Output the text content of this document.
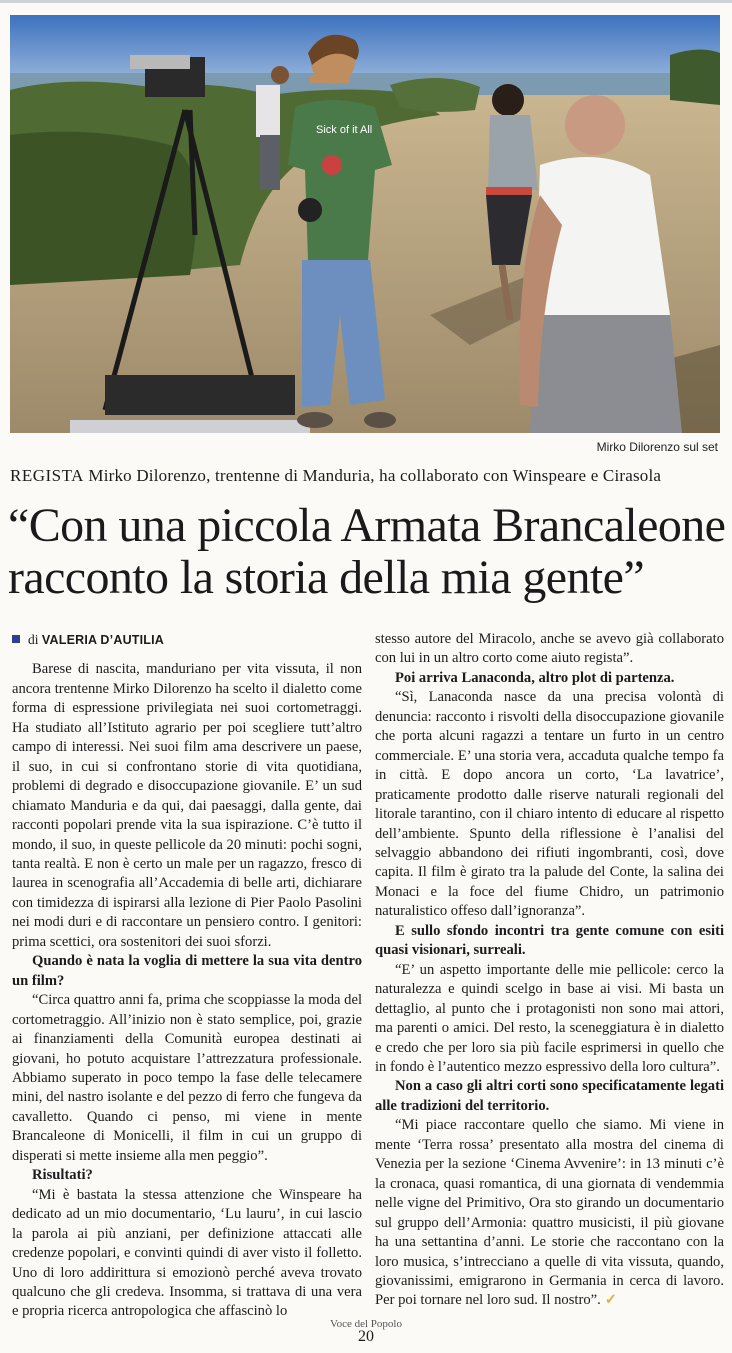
Sick of it All
Mirko Dilorenzo sul set
REGISTA Mirko Dilorenzo, trentenne di Manduria, ha collaborato con Winspeare e Cirasola
“Con una piccola Armata Brancaleone
racconto la storia della mia gente”
di VALERIA D’AUTILIA

Barese di nascita, manduriano per vita vissuta, il non ancora trentenne Mirko Dilorenzo ha scelto il dialetto come forma di espressione privilegiata nei suoi cortometraggi. Ha studiato all’Istituto agrario per poi scegliere tutt’altro campo di interessi. Nei suoi film ama descrivere un paese, il suo, in cui si confrontano storie di vita quotidiana, problemi di degrado e disoccupazione giovanile. E’ un sud chiamato Manduria e da qui, dai paesaggi, dalla gente, dai racconti popolari prende vita la sua ispirazione. C’è tutto il mondo, il suo, in queste pellicole da 20 minuti: pochi sogni, tanta realtà. E non è certo un male per un ragazzo, fresco di laurea in scenografia all’Accademia di belle arti, dichiarare con timidezza di ispirarsi alla lezione di Pier Paolo Pasolini nei modi duri e di raccontare un pensiero contro. I genitori: prima scettici, ora sostenitori dei suoi sforzi.

Quando è nata la voglia di mettere la sua vita dentro un film?

“Circa quattro anni fa, prima che scoppiasse la moda del cortometraggio. All’inizio non è stato semplice, poi, grazie ai finanziamenti della Comunità europea destinati ai giovani, ho potuto acquistare l’attrezzatura professionale. Abbiamo superato in poco tempo la fase delle telecamere mini, del nastro isolante e del pezzo di ferro che fungeva da cavalletto. Quando ci penso, mi viene in mente Brancaleone di Monicelli, il film in cui un gruppo di disperati si mette insieme alla men peggio”.

Risultati?

“Mi è bastata la stessa attenzione che Winspeare ha dedicato ad un mio documentario, ‘Lu lauru’, in cui lascio la parola ai più anziani, per definizione attaccati alle credenze popolari, e convinti quindi di aver visto il folletto. Uno di loro addirittura si emozionò perché aveva trovato qualcuno che gli credeva. Insomma, si trattava di una vera e propria ricerca antropologica che affascinò lo

stesso autore del Miracolo, anche se avevo già collaborato con lui in un altro corto come aiuto regista”.

Poi arriva Lanaconda, altro plot di partenza.

“Sì, Lanaconda nasce da una precisa volontà di denuncia: racconto i risvolti della disoccupazione giovanile che porta alcuni ragazzi a tentare un furto in un centro commerciale. E’ una storia vera, accaduta qualche tempo fa in città. E dopo ancora un corto, ‘La lavatrice’, praticamente prodotto dalle riserve naturali regionali del litorale tarantino, con il chiaro intento di educare al rispetto dell’ambiente. Spunto della riflessione è l’analisi del selvaggio abbandono dei rifiuti ingombranti, così, dove capita. Il film è girato tra la palude del Conte, la salina dei Monaci e la foce del fiume Chidro, un patrimonio naturalistico offeso dall’ignoranza”.

E sullo sfondo incontri tra gente comune con esiti quasi visionari, surreali.

“E’ un aspetto importante delle mie pellicole: cerco la naturalezza e quindi scelgo in base ai visi. Mi basta un dettaglio, al punto che i protagonisti non sono mai attori, ma parenti o amici. Del resto, la sceneggiatura è in dialetto e credo che per loro sia più facile esprimersi in quello che in fondo è l’autentico mezzo espressivo della loro cultura”.

Non a caso gli altri corti sono specificatamente legati alle tradizioni del territorio.

“Mi piace raccontare quello che siamo. Mi viene in mente ‘Terra rossa’ presentato alla mostra del cinema di Venezia per la sezione ‘Cinema Avvenire’: in 13 minuti c’è la cronaca, quasi romantica, di una giornata di vendemmia nelle vigne del Primitivo, Ora sto girando un documentario sul gruppo dell’Armonia: quattro musicisti, il più giovane ha una settantina d’anni. Le storie che raccontano con la loro musica, s’intrecciano a quelle di vita vissuta, quando, giovanissimi, emigrarono in Germania in cerca di lavoro. Per poi tornare nel loro sud. Il nostro”. ✓

Voce del Popolo
20
